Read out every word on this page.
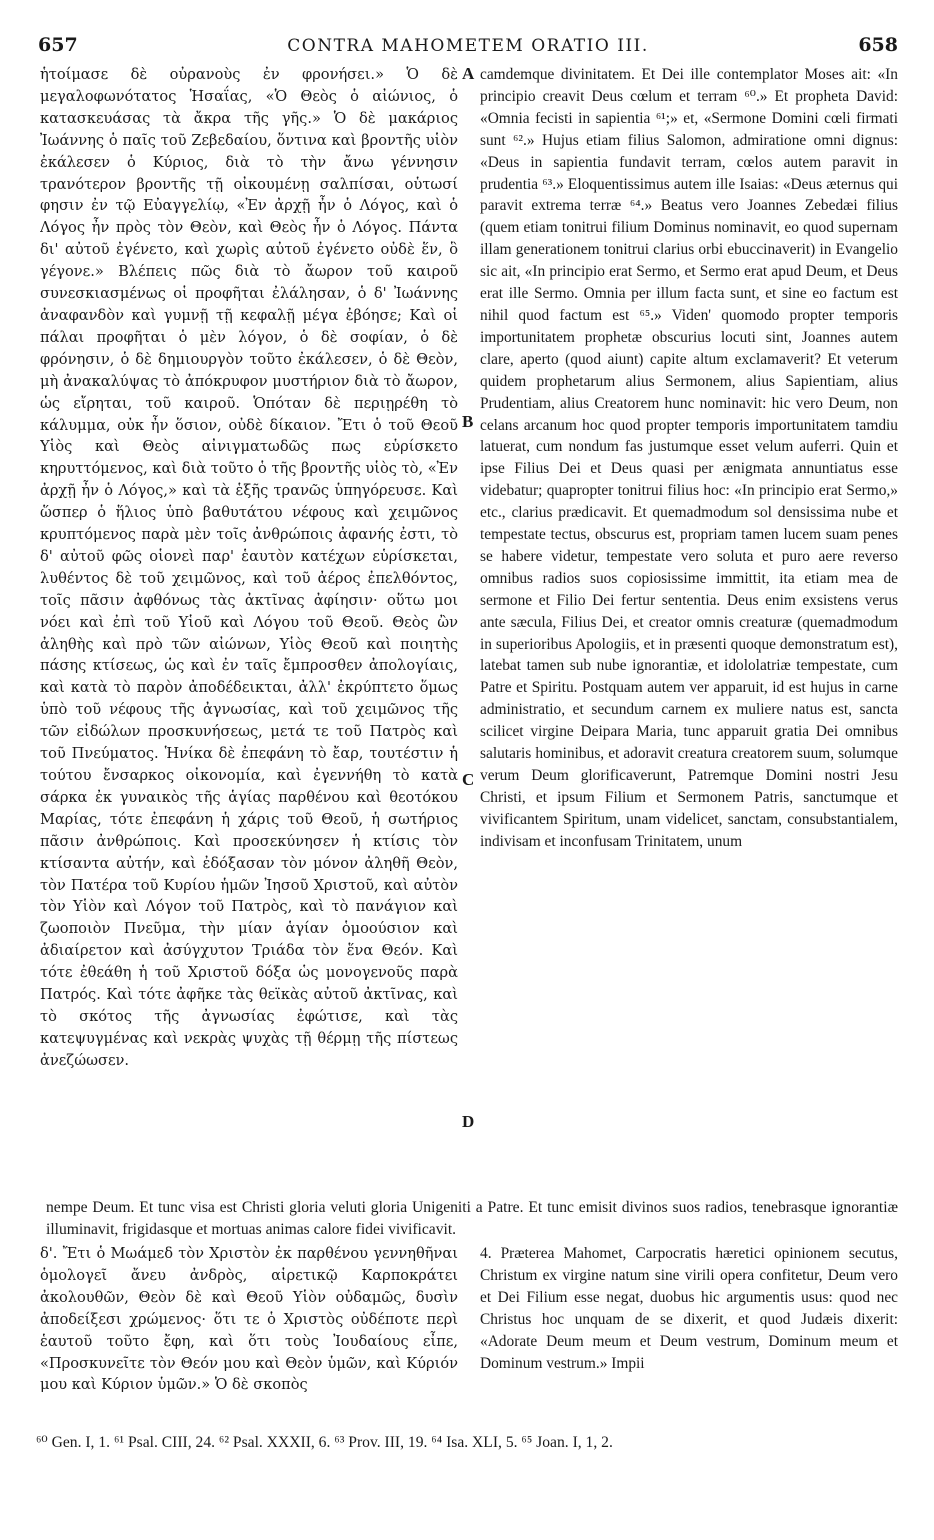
657	CONTRA MAHOMETEM ORATIO III.	658

ἡτοίμασε δὲ οὐρανοὺς ἐν φρονήσει.» Ὁ δὲ μεγαλοφωνότατος Ἡσαΐας, «Ὁ Θεὸς ὁ αἰώνιος, ὁ κατασκευάσας τὰ ἄκρα τῆς γῆς.» Ὁ δὲ μακάριος Ἰωάννης ὁ παῖς τοῦ Ζεβεδαίου, ὅντινα καὶ βροντῆς υἱὸν ἐκάλεσεν ὁ Κύριος, διὰ τὸ τὴν ἄνω γέννησιν τρανότερον βροντῆς τῇ οἰκουμένῃ σαλπίσαι, οὑτωσί φησιν ἐν τῷ Εὐαγγελίῳ, «Ἐν ἀρχῇ ἦν ὁ Λόγος, καὶ ὁ Λόγος ἦν πρὸς τὸν Θεὸν, καὶ Θεὸς ἦν ὁ Λόγος. Πάντα δι' αὐτοῦ ἐγένετο, καὶ χωρὶς αὐτοῦ ἐγένετο οὐδὲ ἕν, ὃ γέγονε.» Βλέπεις πῶς διὰ τὸ ἄωρον τοῦ καιροῦ συνεσκιασμένως οἱ προφῆται ἐλάλησαν, ὁ δ' Ἰωάννης ἀναφανδὸν καὶ γυμνῇ τῇ κεφαλῇ μέγα ἐβόησε; Καὶ οἱ πάλαι προφῆται ὁ μὲν λόγον, ὁ δὲ σοφίαν, ὁ δὲ φρόνησιν, ὁ δὲ δημιουργὸν τοῦτο ἐκάλεσεν, ὁ δὲ Θεὸν, μὴ ἀνακαλύψας τὸ ἀπόκρυφον μυστήριον διὰ τὸ ἄωρον, ὡς εἴρηται, τοῦ καιροῦ. Ὁπόταν δὲ περιῃρέθη τὸ κάλυμμα, οὐκ ἦν ὅσιον, οὐδὲ δίκαιον. Ἔτι ὁ τοῦ Θεοῦ Υἱὸς καὶ Θεὸς αἰνιγματωδῶς πως εὑρίσκετο κηρυττόμενος, καὶ διὰ τοῦτο ὁ τῆς βροντῆς υἱὸς τὸ, «Ἐν ἀρχῇ ἦν ὁ Λόγος,» καὶ τὰ ἑξῆς τρανῶς ὑπηγόρευσε. Καὶ ὥσπερ ὁ ἥλιος ὑπὸ βαθυτάτου νέφους καὶ χειμῶνος κρυπτόμενος παρὰ μὲν τοῖς ἀνθρώποις ἀφανής ἐστι, τὸ δ' αὐτοῦ φῶς οἱονεὶ παρ' ἑαυτὸν κατέχων εὑρίσκεται, λυθέντος δὲ τοῦ χειμῶνος, καὶ τοῦ ἀέρος ἐπελθόντος, τοῖς πᾶσιν ἀφθόνως τὰς ἀκτῖνας ἀφίησιν· οὕτω μοι νόει καὶ ἐπὶ τοῦ Υἱοῦ καὶ Λόγου τοῦ Θεοῦ. Θεὸς ὢν ἀληθὴς καὶ πρὸ τῶν αἰώνων, Υἱὸς Θεοῦ καὶ ποιητὴς πάσης κτίσεως, ὡς καὶ ἐν ταῖς ἔμπροσθεν ἀπολογίαις, καὶ κατὰ τὸ παρὸν ἀποδέδεικται, ἀλλ' ἐκρύπτετο ὅμως ὑπὸ τοῦ νέφους τῆς ἀγνωσίας, καὶ τοῦ χειμῶνος τῆς τῶν εἰδώλων προσκυνήσεως, μετά τε τοῦ Πατρὸς καὶ τοῦ Πνεύματος. Ἡνίκα δὲ ἐπεφάνη τὸ ἔαρ, τουτέστιν ἡ τούτου ἔνσαρκος οἰκονομία, καὶ ἐγεννήθη τὸ κατὰ σάρκα ἐκ γυναικὸς τῆς ἁγίας παρθένου καὶ θεοτόκου Μαρίας, τότε ἐπεφάνη ἡ χάρις τοῦ Θεοῦ, ἡ σωτήριος πᾶσιν ἀνθρώποις. Καὶ προσεκύνησεν ἡ κτίσις τὸν κτίσαντα αὐτήν, καὶ ἐδόξασαν τὸν μόνον ἀληθῆ Θεὸν, τὸν Πατέρα τοῦ Κυρίου ἡμῶν Ἰησοῦ Χριστοῦ, καὶ αὐτὸν τὸν Υἱὸν καὶ Λόγον τοῦ Πατρὸς, καὶ τὸ πανάγιον καὶ ζωοποιὸν Πνεῦμα, τὴν μίαν ἁγίαν ὁμοούσιον καὶ ἀδιαίρετον καὶ ἀσύγχυτον Τριάδα τὸν ἕνα Θεόν. Καὶ τότε ἐθεάθη ἡ τοῦ Χριστοῦ δόξα ὡς μονογενοῦς παρὰ Πατρός. Καὶ τότε ἀφῆκε τὰς θεϊκὰς αὐτοῦ ἀκτῖνας, καὶ τὸ σκότος τῆς ἀγνωσίας ἐφώτισε, καὶ τὰς κατεψυγμένας καὶ νεκρὰς ψυχὰς τῇ θέρμῃ τῆς πίστεως ἀνεζώωσεν.

camdemque divinitatem. Et Dei ille contemplator Moses ait: «In principio creavit Deus cœlum et terram ⁶⁰.» Et propheta David: «Omnia fecisti in sapientia ⁶¹;» et, «Sermone Domini cœli firmati sunt ⁶².» Hujus etiam filius Salomon, admiratione omni dignus: «Deus in sapientia fundavit terram, cœlos autem paravit in prudentia ⁶³.» Eloquentissimus autem ille Isaias: «Deus æternus qui paravit extrema terræ ⁶⁴.» Beatus vero Joannes Zebedæi filius (quem etiam tonitrui filium Dominus nominavit, eo quod supernam illam generationem tonitrui clarius orbi ebuccinaverit) in Evangelio sic ait, «In principio erat Sermo, et Sermo erat apud Deum, et Deus erat ille Sermo. Omnia per illum facta sunt, et sine eo factum est nihil quod factum est ⁶⁵.» Viden' quomodo propter temporis importunitatem prophetæ obscurius locuti sint, Joannes autem clare, aperto (quod aiunt) capite altum exclamaverit? Et veterum quidem prophetarum alius Sermonem, alius Sapientiam, alius Prudentiam, alius Creatorem hunc nominavit: hic vero Deum, non celans arcanum hoc quod propter temporis importunitatem tamdiu latuerat, cum nondum fas justumque esset velum auferri. Quin et ipse Filius Dei et Deus quasi per ænigmata annuntiatus esse videbatur; quapropter tonitrui filius hoc: «In principio erat Sermo,» etc., clarius prædicavit. Et quemadmodum sol densissima nube et tempestate tectus, obscurus est, propriam tamen lucem suam penes se habere videtur, tempestate vero soluta et puro aere reverso omnibus radios suos copiosissime immittit, ita etiam mea de sermone et Filio Dei fertur sententia. Deus enim exsistens verus ante sæcula, Filius Dei, et creator omnis creaturæ (quemadmodum in superioribus Apologiis, et in præsenti quoque demonstratum est), latebat tamen sub nube ignorantiæ, et idololatriæ tempestate, cum Patre et Spiritu. Postquam autem ver apparuit, id est hujus in carne administratio, et secundum carnem ex muliere natus est, sancta scilicet virgine Deipara Maria, tunc apparuit gratia Dei omnibus salutaris hominibus, et adoravit creatura creatorem suum, solumque verum Deum glorificaverunt, Patremque Domini nostri Jesu Christi, et ipsum Filium et Sermonem Patris, sanctumque et vivificantem Spiritum, unam videlicet, sanctam, consubstantialem, indivisam et inconfusam Trinitatem, unum

A
B
C
D

nempe Deum. Et tunc visa est Christi gloria veluti gloria Unigeniti a Patre. Et tunc emisit divinos suos radios, tenebrasque ignorantiæ illuminavit, frigidasque et mortuas animas calore fidei vivificavit.

δ'. Ἔτι ὁ Μωάμεδ τὸν Χριστὸν ἐκ παρθένου γεννηθῆναι ὁμολογεῖ ἄνευ ἀνδρὸς, αἱρετικῷ Καρποκράτει ἀκολουθῶν, Θεὸν δὲ καὶ Θεοῦ Υἱὸν οὐδαμῶς, δυσὶν ἀποδείξεσι χρώμενος· ὅτι τε ὁ Χριστὸς οὐδέποτε περὶ ἑαυτοῦ τοῦτο ἔφη, καὶ ὅτι τοὺς Ἰουδαίους εἶπε, «Προσκυνεῖτε τὸν Θεόν μου καὶ Θεὸν ὑμῶν, καὶ Κύριόν μου καὶ Κύριον ὑμῶν.» Ὁ δὲ σκοπὸς

4. Præterea Mahomet, Carpocratis hæretici opinionem secutus, Christum ex virgine natum sine virili opera confitetur, Deum vero et Dei Filium esse negat, duobus hic argumentis usus: quod nec Christus hoc unquam de se dixerit, et quod Judæis dixerit: «Adorate Deum meum et Deum vestrum, Dominum meum et Dominum vestrum.» Impii

⁶⁰ Gen. I, 1. ⁶¹ Psal. CIII, 24. ⁶² Psal. XXXII, 6. ⁶³ Prov. III, 19. ⁶⁴ Isa. XLI, 5. ⁶⁵ Joan. I, 1, 2.
